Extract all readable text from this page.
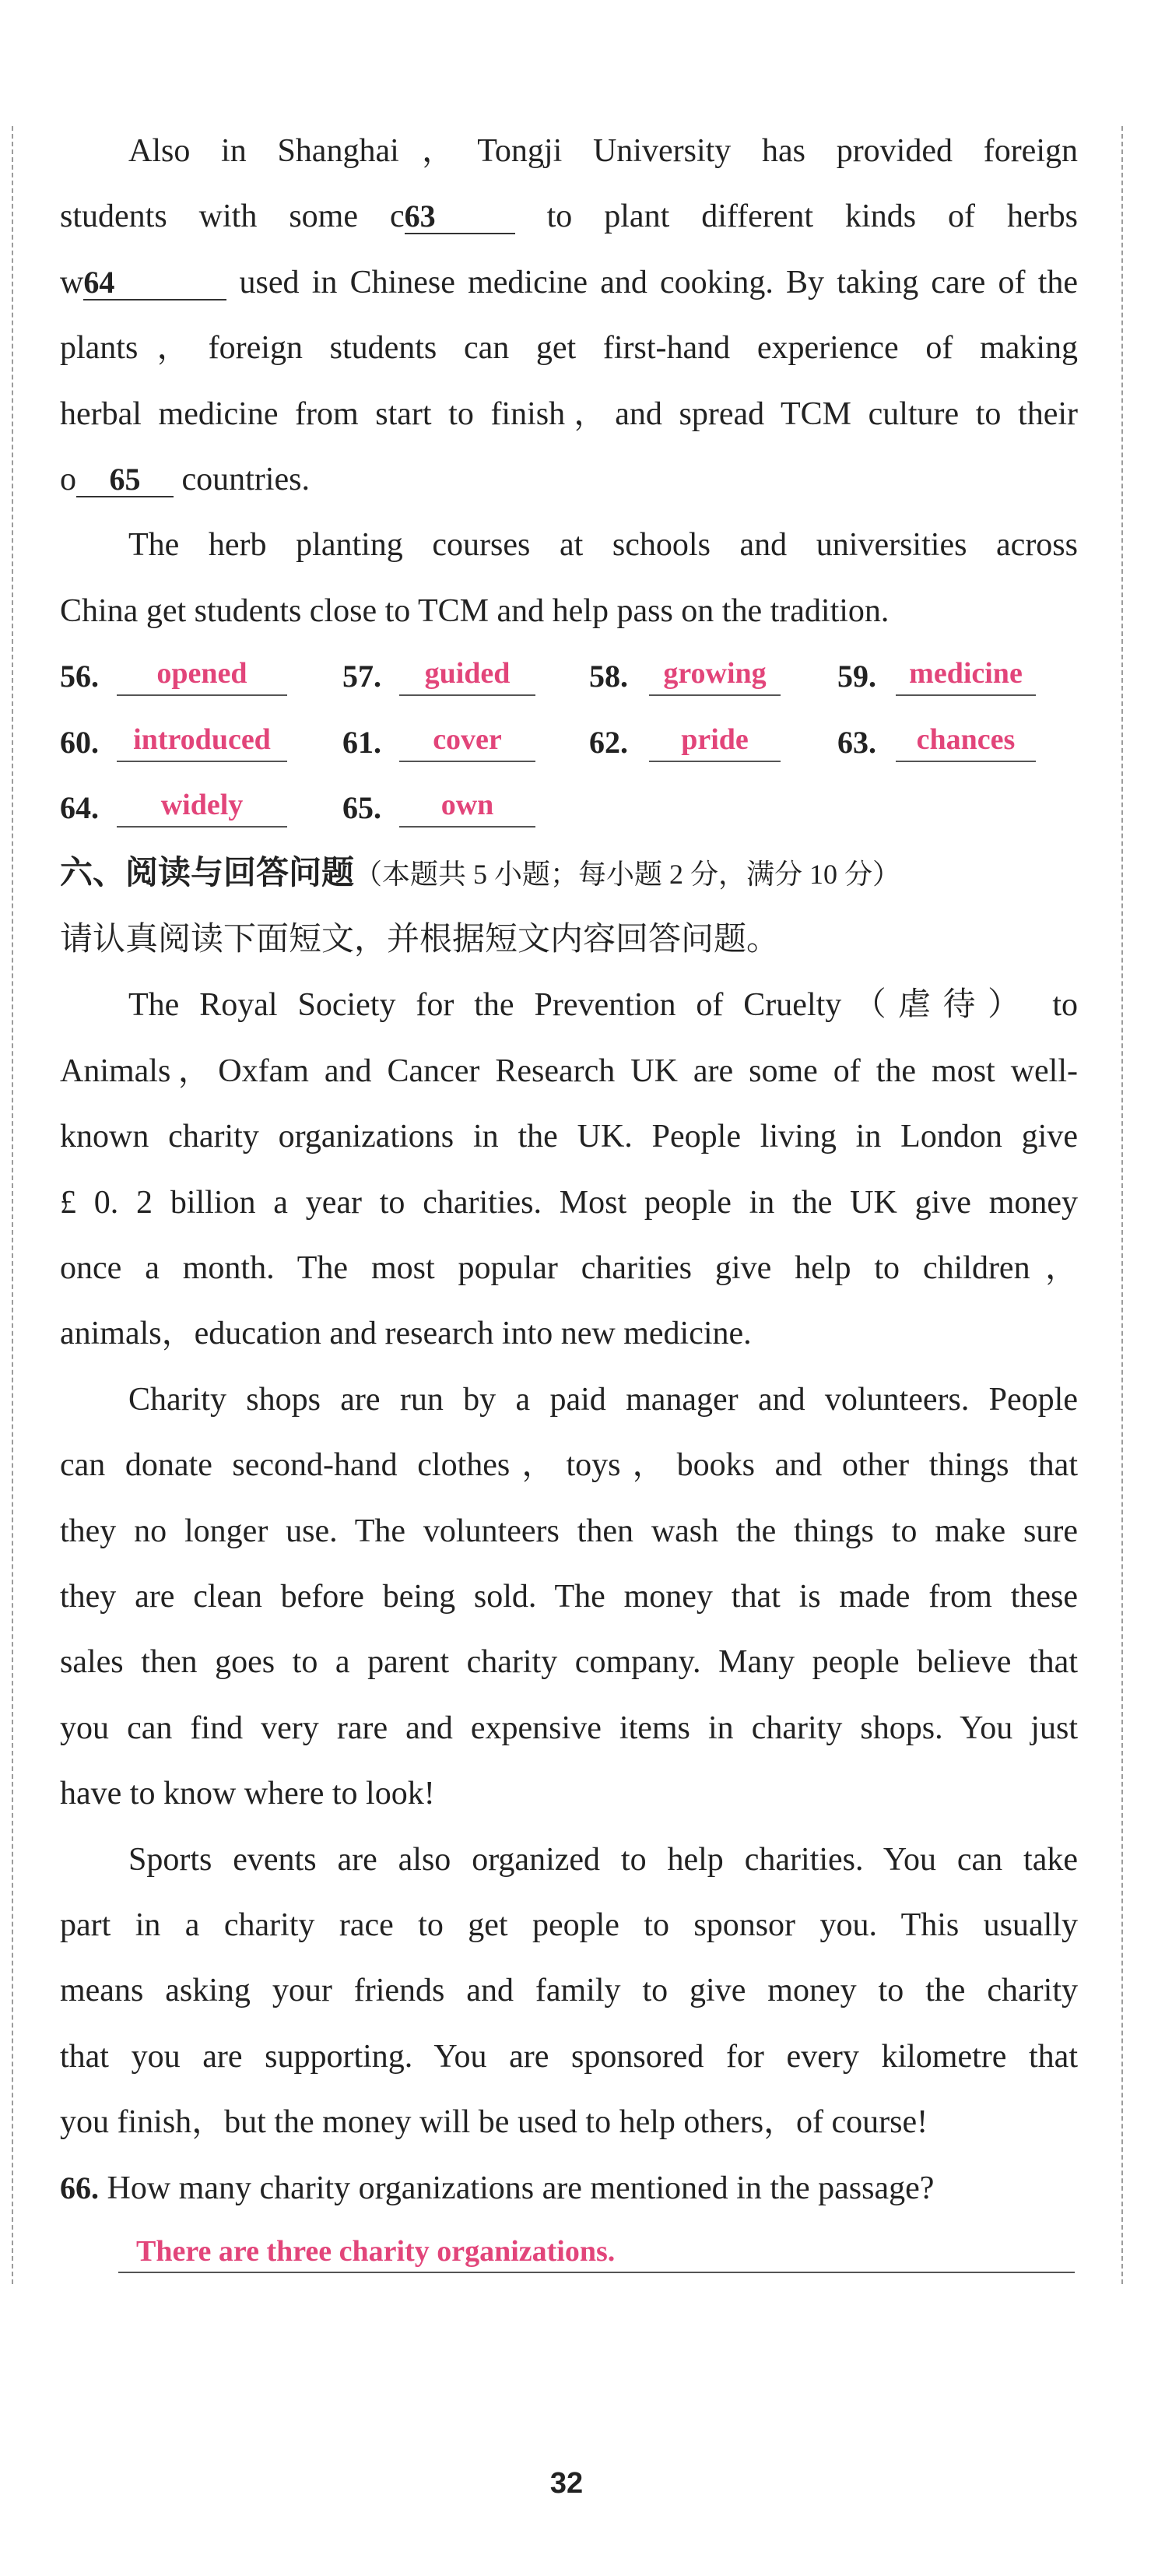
Also in Shanghai，Tongji University has provided foreign
students with some c63	to plant different kinds of herbs
w64	used in Chinese medicine and cooking. By taking care of the
plants，foreign students can get first-hand experience of making
herbal medicine from start to finish，and spread TCM culture to their
o 65 countries.
The herb planting courses at schools and universities across
China get students close to TCM and help pass on the tradition.
56.	opened	57.	guided	58.	growing	59.	medicine
60.	introduced	61.	cover	62.	pride	63.	chances
64.	widely	65.	own
六、阅读与回答问题（本题共 5 小题；每小题 2 分，满分 10 分）
请认真阅读下面短文，并根据短文内容回答问题。
The Royal Society for the Prevention of Cruelty（虐待） to
Animals，Oxfam and Cancer Research UK are some of the most well-
known charity organizations in the UK. People living in London give
£ 0. 2 billion a year to charities. Most people in the UK give money
once a month. The most popular charities give help to children，
animals，education and research into new medicine.
Charity shops are run by a paid manager and volunteers. People
can donate second-hand clothes，toys，books and other things that
they no longer use. The volunteers then wash the things to make sure
they are clean before being sold. The money that is made from these
sales then goes to a parent charity company. Many people believe that
you can find very rare and expensive items in charity shops. You just
have to know where to look!
Sports events are also organized to help charities. You can take
part in a charity race to get people to sponsor you. This usually
means asking your friends and family to give money to the charity
that you are supporting. You are sponsored for every kilometre that
you finish，but the money will be used to help others，of course!
66. How many charity organizations are mentioned in the passage?
There are three charity organizations.
32
